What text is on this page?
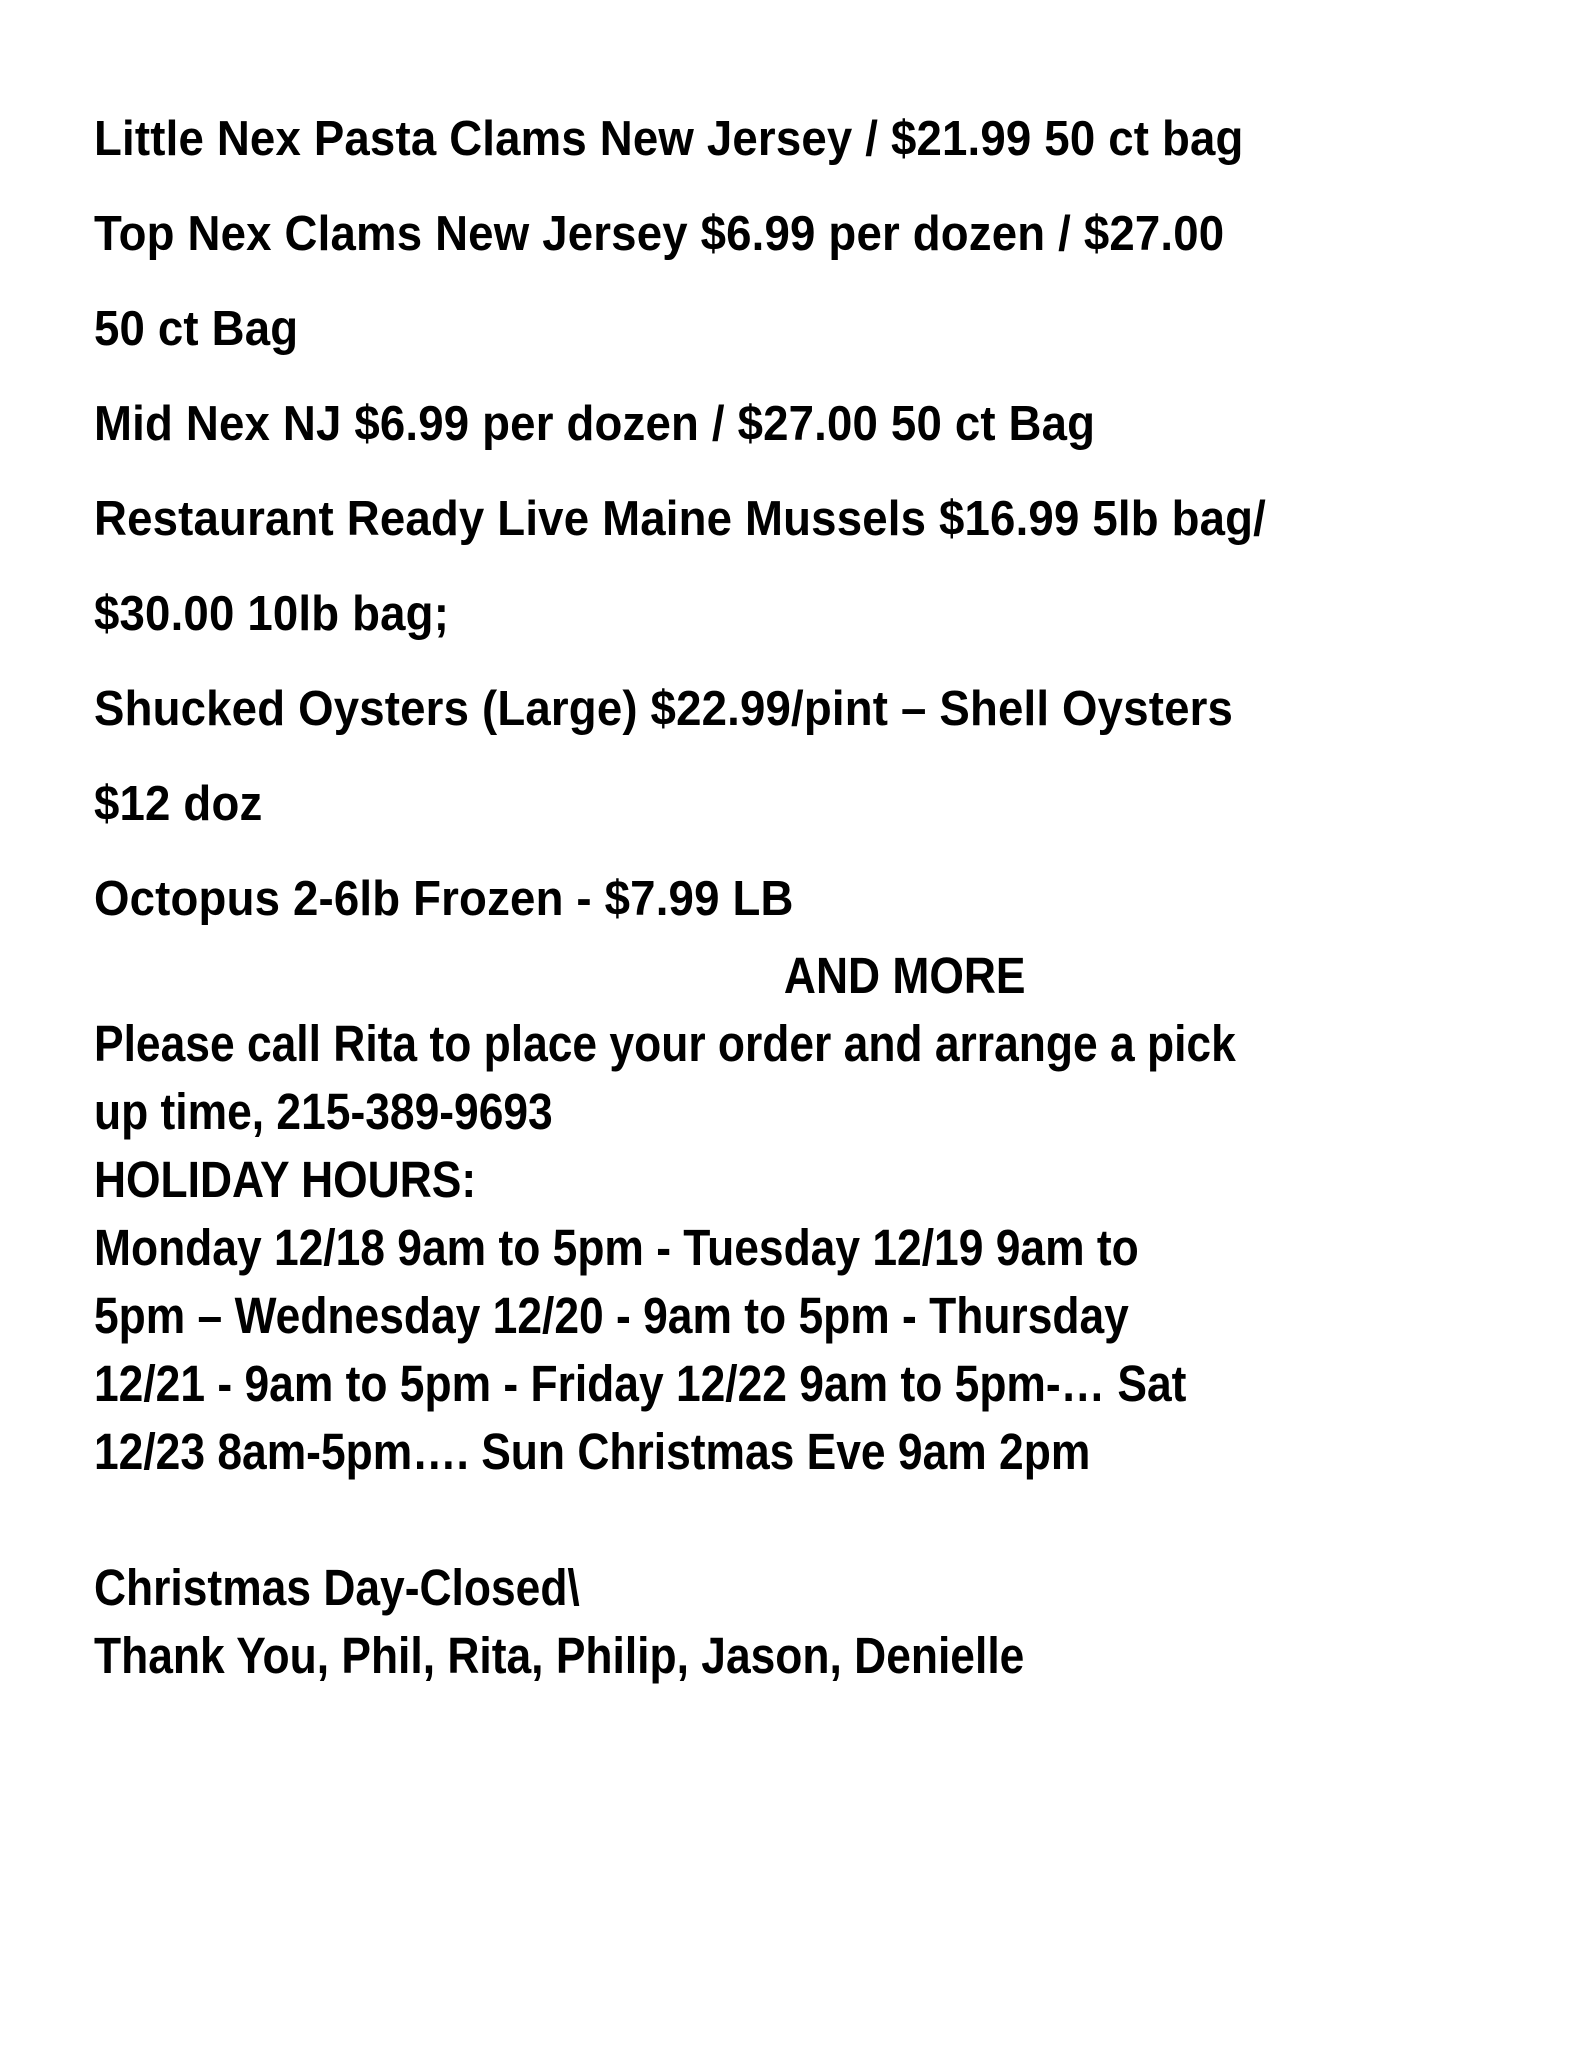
Little Nex Pasta Clams New Jersey / $21.99 50 ct bag
Top Nex Clams New Jersey $6.99 per dozen / $27.00
50 ct Bag
Mid Nex NJ $6.99 per dozen / $27.00 50 ct Bag
Restaurant Ready Live Maine Mussels $16.99 5lb bag/
$30.00 10lb bag;
Shucked Oysters (Large) $22.99/pint – Shell Oysters
$12 doz
Octopus 2-6lb Frozen - $7.99 LB
AND MORE
Please call Rita to place your order and arrange a pick
up time, 215-389-9693
HOLIDAY HOURS:
Monday 12/18 9am to 5pm - Tuesday 12/19 9am to
5pm – Wednesday 12/20 - 9am to 5pm - Thursday
12/21 - 9am to 5pm - Friday 12/22 9am to 5pm-… Sat
12/23 8am-5pm…. Sun Christmas Eve 9am 2pm
Christmas Day-Closed\
Thank You, Phil, Rita, Philip, Jason, Denielle
